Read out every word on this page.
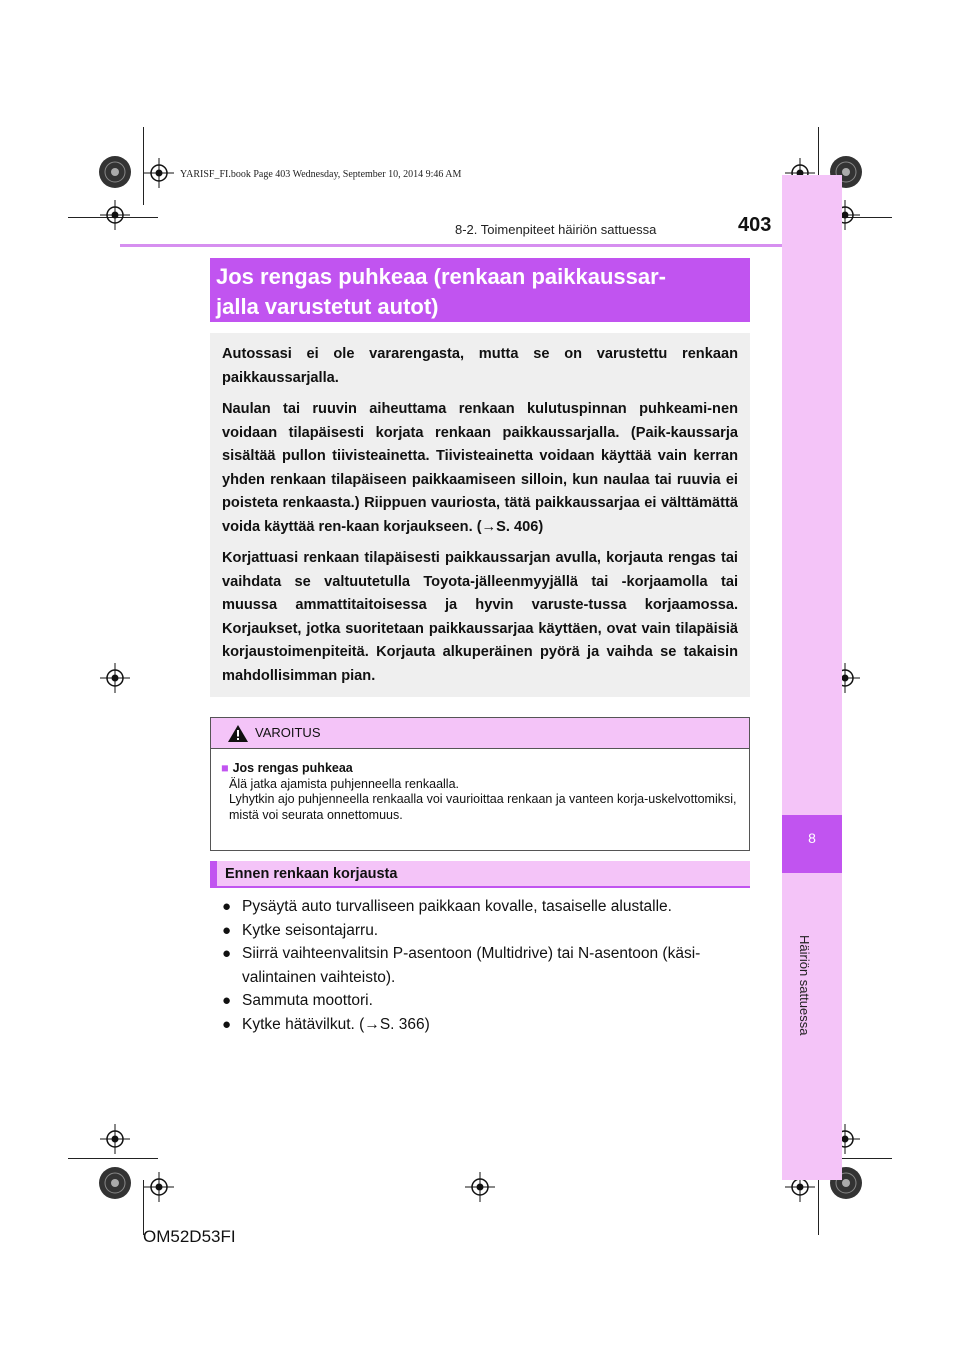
YARISF_FI.book Page 403 Wednesday, September 10, 2014 9:46 AM
8
Häiriön sattuessa
8-2. Toimenpiteet häiriön sattuessa	403
Jos rengas puhkeaa (renkaan paikkaussar-
jalla varustetut autot)

Autossasi ei ole vararengasta, mutta se on varustettu renkaan paikkaussarjalla.

Naulan tai ruuvin aiheuttama renkaan kulutuspinnan puhkeami-nen voidaan tilapäisesti korjata renkaan paikkaussarjalla. (Paik-kaussarja sisältää pullon tiivisteainetta. Tiivisteainetta voidaan käyttää vain kerran yhden renkaan tilapäiseen paikkaamiseen silloin, kun naulaa tai ruuvia ei poisteta renkaasta.) Riippuen vauriosta, tätä paikkaussarjaa ei välttämättä voida käyttää ren-kaan korjaukseen. (→S. 406)

Korjattuasi renkaan tilapäisesti paikkaussarjan avulla, korjauta rengas tai vaihdata se valtuutetulla Toyota-jälleenmyyjällä tai -korjaamolla tai muussa ammattitaitoisessa ja hyvin varuste-tussa korjaamossa. Korjaukset, jotka suoritetaan paikkaussarjaa käyttäen, ovat vain tilapäisiä korjaustoimenpiteitä. Korjauta alkuperäinen pyörä ja vaihda se takaisin mahdollisimman pian.

VAROITUS
■ Jos rengas puhkeaa
Älä jatka ajamista puhjenneella renkaalla.
Lyhytkin ajo puhjenneella renkaalla voi vaurioittaa renkaan ja vanteen korja-uskelvottomiksi, mistä voi seurata onnettomuus.
Ennen renkaan korjausta
● Pysäytä auto turvalliseen paikkaan kovalle, tasaiselle alustalle.
● Kytke seisontajarru.
● Siirrä vaihteenvalitsin P-asentoon (Multidrive) tai N-asentoon (käsi-valintainen vaihteisto).
● Sammuta moottori.
● Kytke hätävilkut. (→S. 366)
OM52D53FI
